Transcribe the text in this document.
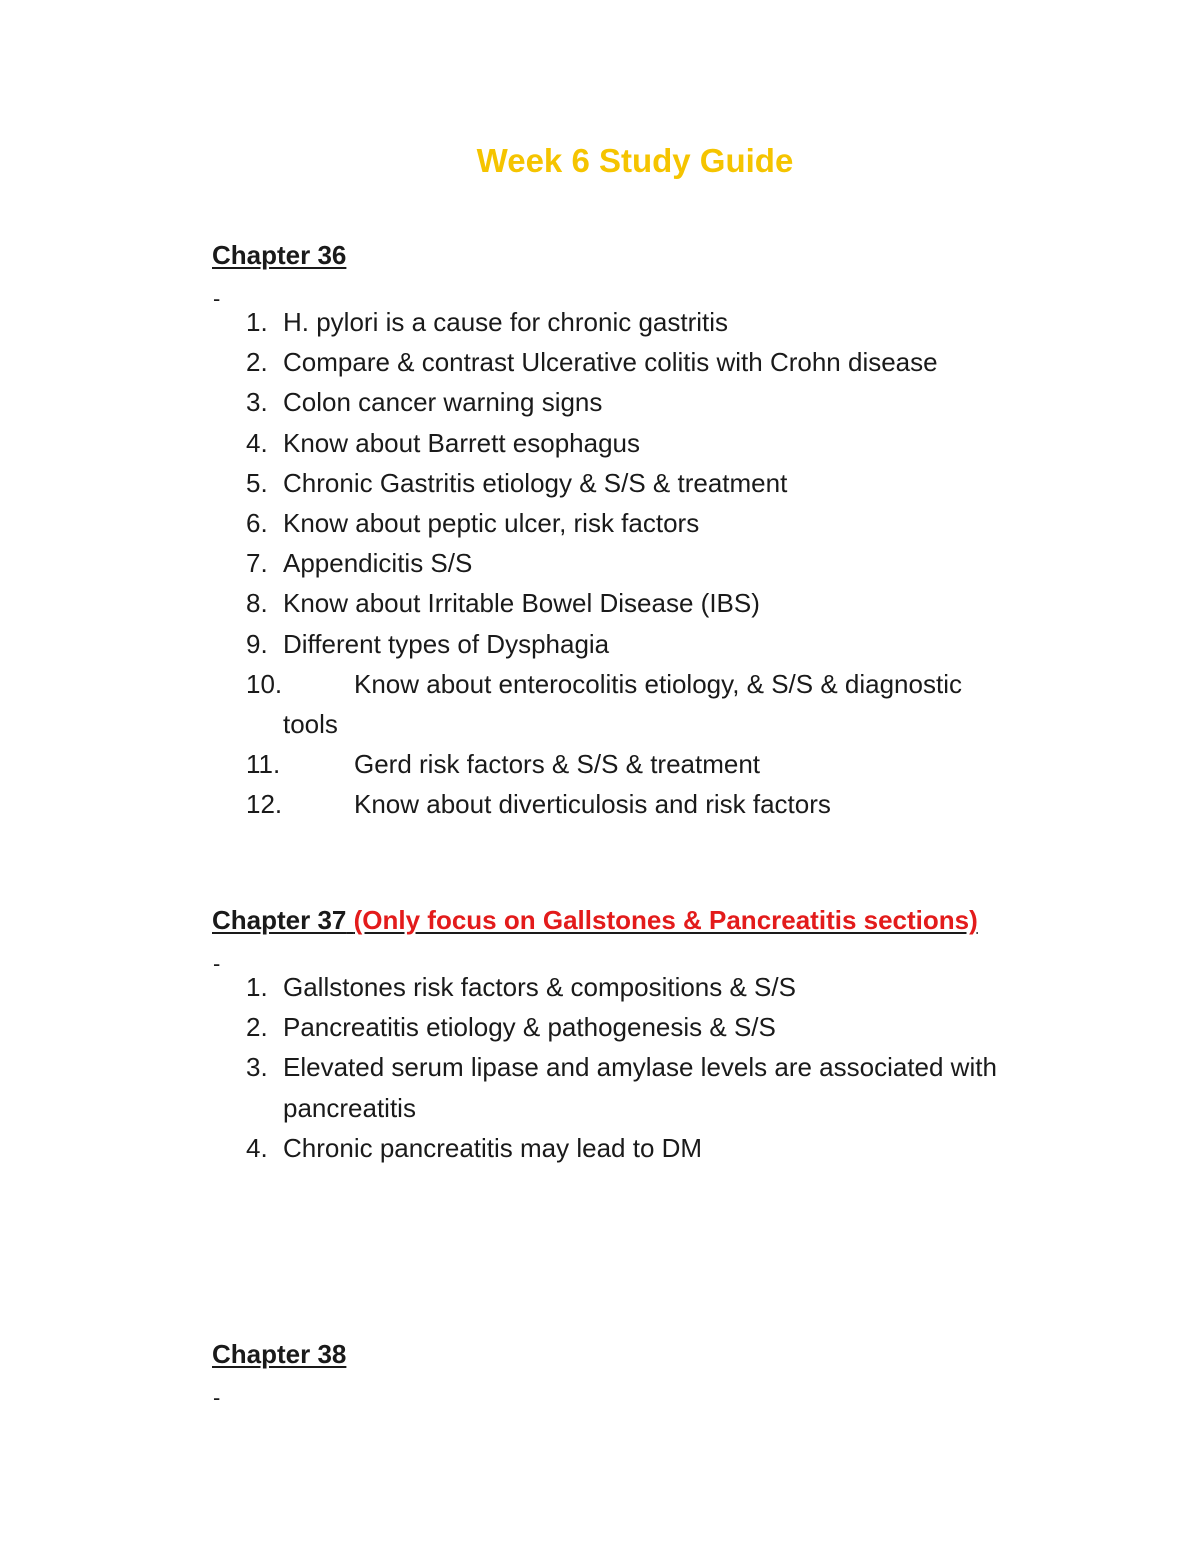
Week 6 Study Guide
Chapter 36
-
1. H. pylori is a cause for chronic gastritis
2. Compare & contrast Ulcerative colitis with Crohn disease
3. Colon cancer warning signs
4. Know about Barrett esophagus
5. Chronic Gastritis etiology & S/S & treatment
6. Know about peptic ulcer, risk factors
7. Appendicitis S/S
8. Know about Irritable Bowel Disease (IBS)
9. Different types of Dysphagia
10.	Know about enterocolitis etiology, & S/S & diagnostic
tools
11.	Gerd risk factors & S/S & treatment
12.	Know about diverticulosis and risk factors
Chapter 37 (Only focus on Gallstones & Pancreatitis sections)
-
1. Gallstones risk factors & compositions & S/S
2. Pancreatitis etiology & pathogenesis & S/S
3. Elevated serum lipase and amylase levels are associated with
pancreatitis
4. Chronic pancreatitis may lead to DM
Chapter 38
-
